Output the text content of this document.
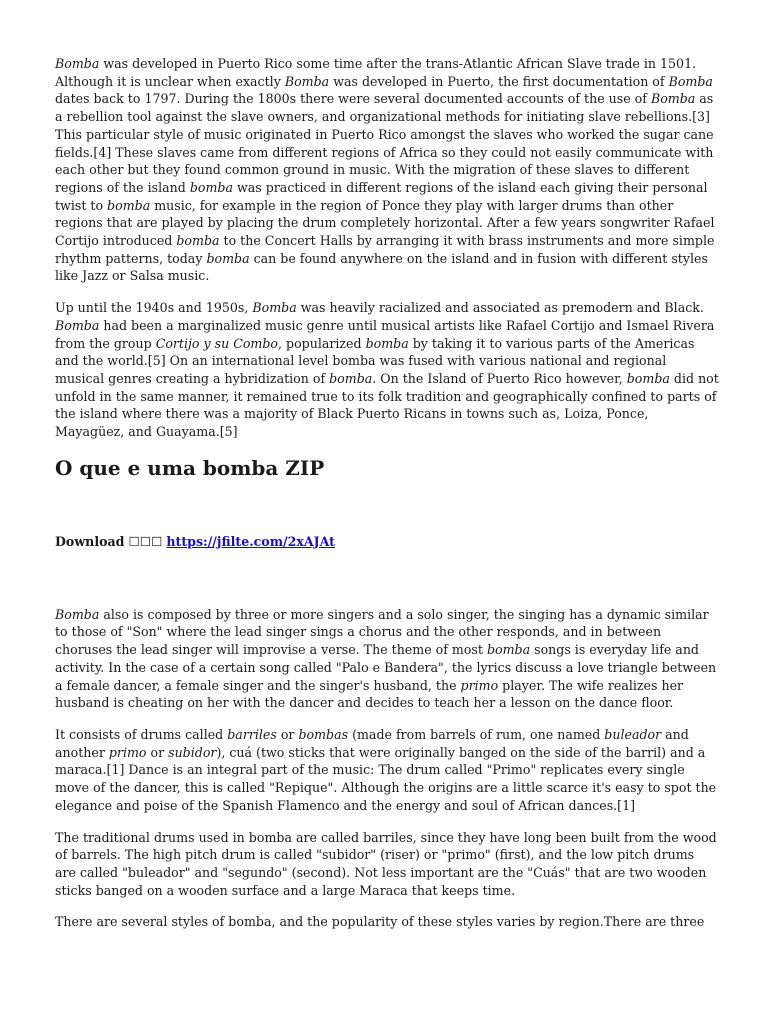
Bomba was developed in Puerto Rico some time after the trans-Atlantic African Slave trade in 1501. Although it is unclear when exactly Bomba was developed in Puerto, the first documentation of Bomba dates back to 1797. During the 1800s there were several documented accounts of the use of Bomba as a rebellion tool against the slave owners, and organizational methods for initiating slave rebellions.[3] This particular style of music originated in Puerto Rico amongst the slaves who worked the sugar cane fields.[4] These slaves came from different regions of Africa so they could not easily communicate with each other but they found common ground in music. With the migration of these slaves to different regions of the island bomba was practiced in different regions of the island each giving their personal twist to bomba music, for example in the region of Ponce they play with larger drums than other regions that are played by placing the drum completely horizontal. After a few years songwriter Rafael Cortijo introduced bomba to the Concert Halls by arranging it with brass instruments and more simple rhythm patterns, today bomba can be found anywhere on the island and in fusion with different styles like Jazz or Salsa music.

Up until the 1940s and 1950s, Bomba was heavily racialized and associated as premodern and Black. Bomba had been a marginalized music genre until musical artists like Rafael Cortijo and Ismael Rivera from the group Cortijo y su Combo, popularized bomba by taking it to various parts of the Americas and the world.[5] On an international level bomba was fused with various national and regional musical genres creating a hybridization of bomba. On the Island of Puerto Rico however, bomba did not unfold in the same manner, it remained true to its folk tradition and geographically confined to parts of the island where there was a majority of Black Puerto Ricans in towns such as, Loiza, Ponce, Mayagüez, and Guayama.[5]

O que e uma bomba ZIP
Download ☐☐☐ https://jfilte.com/2xAJAt

Bomba also is composed by three or more singers and a solo singer, the singing has a dynamic similar to those of "Son" where the lead singer sings a chorus and the other responds, and in between choruses the lead singer will improvise a verse. The theme of most bomba songs is everyday life and activity. In the case of a certain song called "Palo e Bandera", the lyrics discuss a love triangle between a female dancer, a female singer and the singer's husband, the primo player. The wife realizes her husband is cheating on her with the dancer and decides to teach her a lesson on the dance floor.

It consists of drums called barriles or bombas (made from barrels of rum, one named buleador and another primo or subidor), cuá (two sticks that were originally banged on the side of the barril) and a maraca.[1] Dance is an integral part of the music: The drum called "Primo" replicates every single move of the dancer, this is called "Repique". Although the origins are a little scarce it's easy to spot the elegance and poise of the Spanish Flamenco and the energy and soul of African dances.[1]

The traditional drums used in bomba are called barriles, since they have long been built from the wood of barrels. The high pitch drum is called "subidor" (riser) or "primo" (first), and the low pitch drums are called "buleador" and "segundo" (second). Not less important are the "Cuás" that are two wooden sticks banged on a wooden surface and a large Maraca that keeps time.

There are several styles of bomba, and the popularity of these styles varies by region.There are three
